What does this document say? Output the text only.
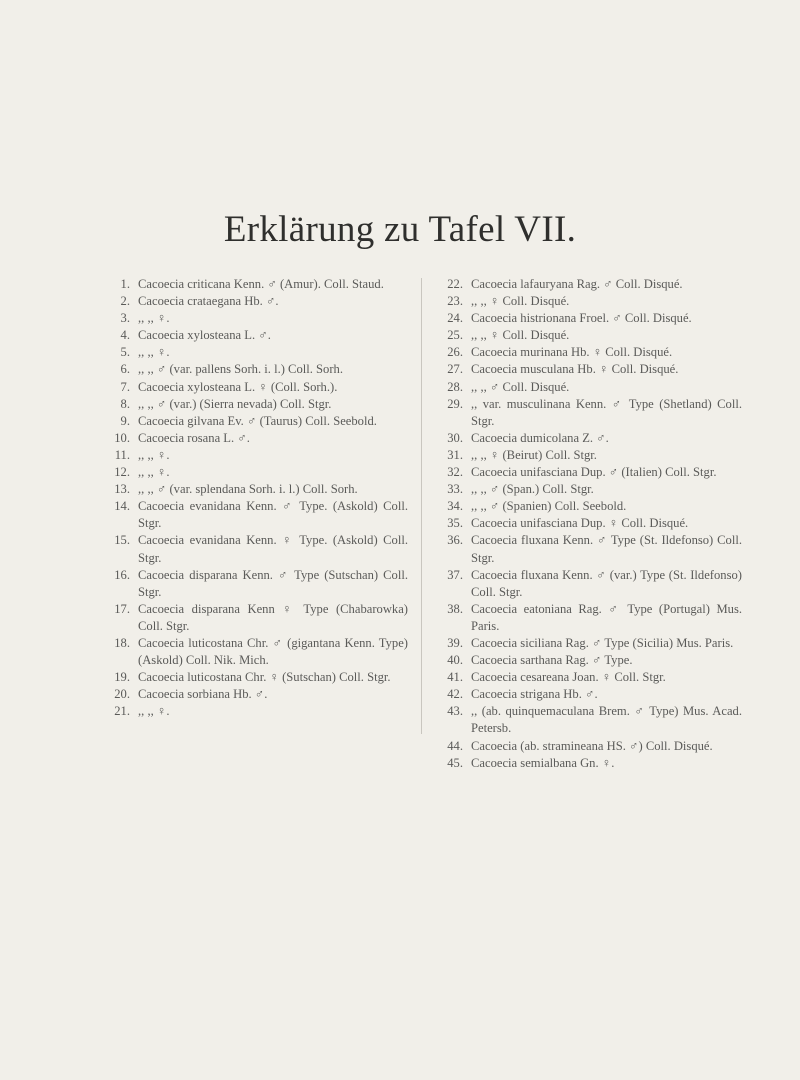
Erklärung zu Tafel VII.
1. Cacoecia criticana Kenn. ♂ (Amur). Coll. Staud.
2. Cacoecia crataegana Hb. ♂.
3. ,, ,, ♀.
4. Cacoecia xylosteana L. ♂.
5. ,, ,, ♀.
6. ,, ,, ♂ (var. pallens Sorh. i. l.) Coll. Sorh.
7. Cacoecia xylosteana L. ♀ (Coll. Sorh.).
8. ,, ,, ♂ (var.) (Sierra nevada) Coll. Stgr.
9. Cacoecia gilvana Ev. ♂ (Taurus) Coll. Seebold.
10. Cacoecia rosana L. ♂.
11. ,, ,, ♀.
12. ,, ,, ♀.
13. ,, ,, ♂ (var. splendana Sorh. i. l.) Coll. Sorh.
14. Cacoecia evanidana Kenn. ♂ Type. (Askold) Coll. Stgr.
15. Cacoecia evanidana Kenn. ♀ Type. (Askold) Coll. Stgr.
16. Cacoecia disparana Kenn. ♂ Type (Sutschan) Coll. Stgr.
17. Cacoecia disparana Kenn ♀ Type (Chabarowka) Coll. Stgr.
18. Cacoecia luticostana Chr. ♂ (gigantana Kenn. Type) (Askold) Coll. Nik. Mich.
19. Cacoecia luticostana Chr. ♀ (Sutschan) Coll. Stgr.
20. Cacoecia sorbiana Hb. ♂.
21. ,, ,, ♀.
22. Cacoecia lafauryana Rag. ♂ Coll. Disqué.
23. ,, ,, ♀ Coll. Disqué.
24. Cacoecia histrionana Froel. ♂ Coll. Disqué.
25. ,, ,, ♀ Coll. Disqué.
26. Cacoecia murinana Hb. ♀ Coll. Disqué.
27. Cacoecia musculana Hb. ♀ Coll. Disqué.
28. ,, ,, ♂ Coll. Disqué.
29. ,, var. musculinana Kenn. ♂ Type (Shetland) Coll. Stgr.
30. Cacoecia dumicolana Z. ♂.
31. ,, ,, ♀ (Beirut) Coll. Stgr.
32. Cacoecia unifasciana Dup. ♂ (Italien) Coll. Stgr.
33. ,, ,, ♂ (Span.) Coll. Stgr.
34. ,, ,, ♂ (Spanien) Coll. Seebold.
35. Cacoecia unifasciana Dup. ♀ Coll. Disqué.
36. Cacoecia fluxana Kenn. ♂ Type (St. Ildefonso) Coll. Stgr.
37. Cacoecia fluxana Kenn. ♂ (var.) Type (St. Ildefonso) Coll. Stgr.
38. Cacoecia eatoniana Rag. ♂ Type (Portugal) Mus. Paris.
39. Cacoecia siciliana Rag. ♂ Type (Sicilia) Mus. Paris.
40. Cacoecia sarthana Rag. ♂ Type.
41. Cacoecia cesareana Joan. ♀ Coll. Stgr.
42. Cacoecia strigana Hb. ♂.
43. ,, (ab. quinquemaculana Brem. ♂ Type) Mus. Acad. Petersb.
44. Cacoecia (ab. stramineana HS. ♂) Coll. Disqué.
45. Cacoecia semialbana Gn. ♀.
